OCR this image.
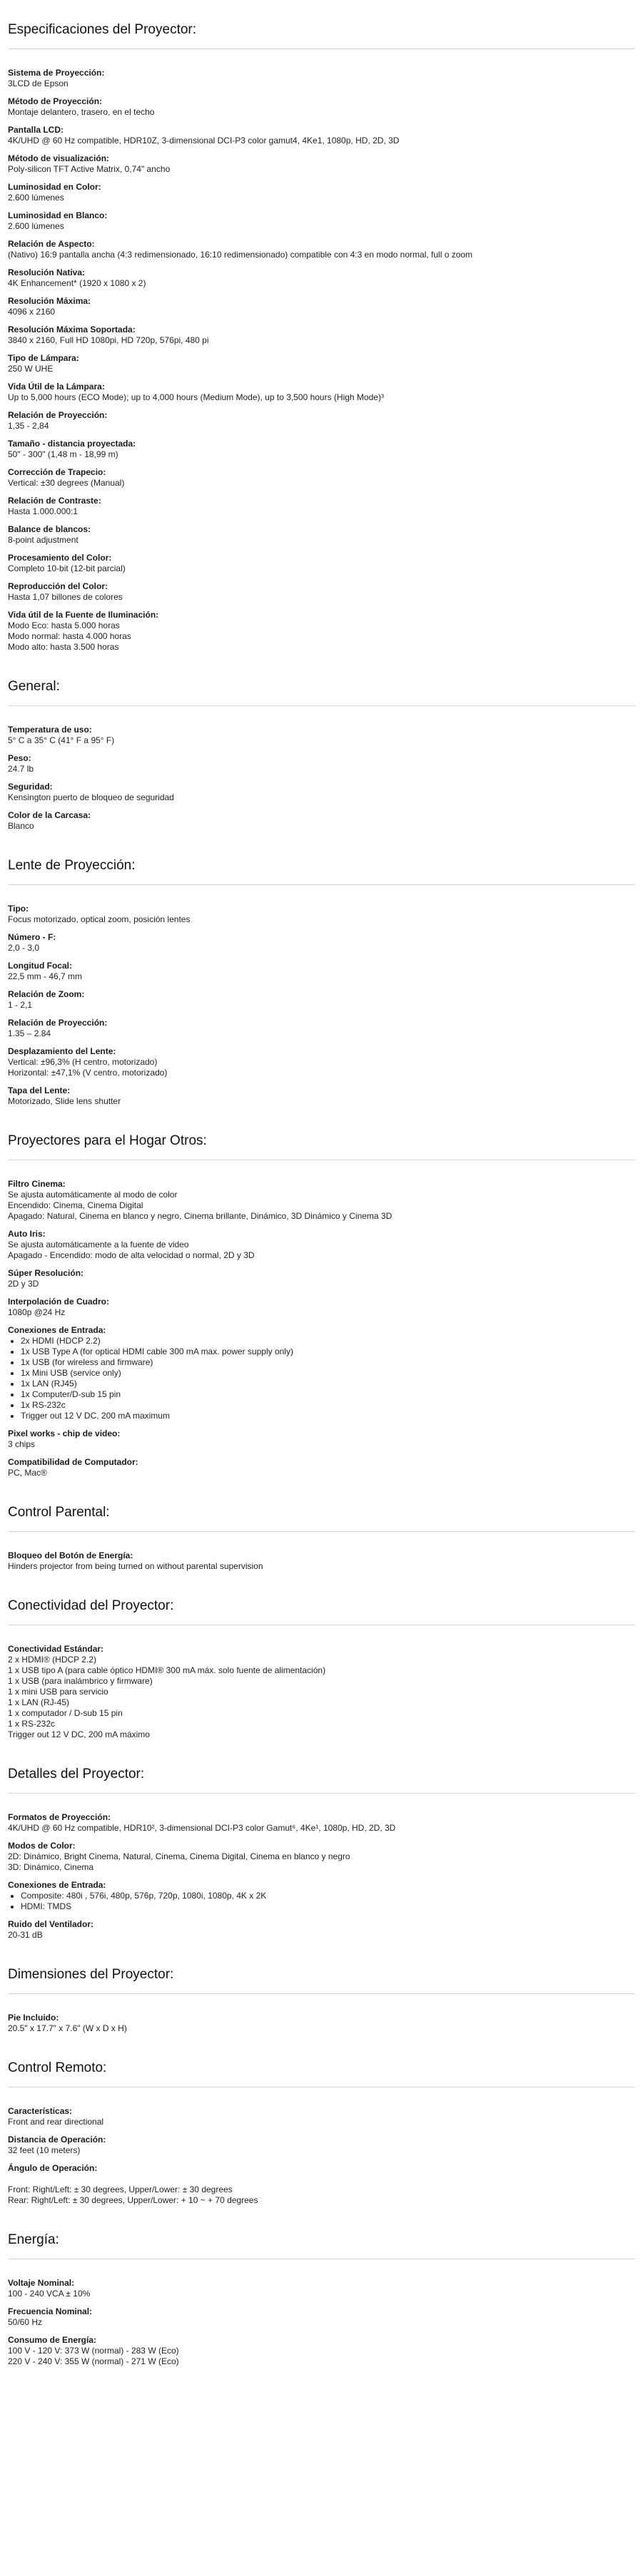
Especificaciones del Proyector:
Sistema de Proyección:
3LCD de Epson
Método de Proyección:
Montaje delantero, trasero, en el techo
Pantalla LCD:
4K/UHD @ 60 Hz compatible, HDR10Z, 3-dimensional DCI-P3 color gamut4, 4Ke1, 1080p, HD, 2D, 3D
Método de visualización:
Poly-silicon TFT Active Matrix, 0,74" ancho
Luminosidad en Color:
2.600 lúmenes
Luminosidad en Blanco:
2.600 lúmenes
Relación de Aspecto:
(Nativo) 16:9 pantalla ancha (4:3 redimensionado, 16:10 redimensionado) compatible con 4:3 en modo normal, full o zoom
Resolución Nativa:
4K Enhancement* (1920 x 1080 x 2)
Resolución Máxima:
4096 x 2160
Resolución Máxima Soportada:
3840 x 2160, Full HD 1080pi, HD 720p, 576pi, 480 pi
Tipo de Lámpara:
250 W UHE
Vida Útil de la Lámpara:
Up to 5,000 hours (ECO Mode); up to 4,000 hours (Medium Mode), up to 3,500 hours (High Mode)³
Relación de Proyección:
1,35 - 2,84
Tamaño - distancia proyectada:
50" - 300" (1,48 m - 18,99 m)
Corrección de Trapecio:
Vertical: ±30 degrees (Manual)
Relación de Contraste:
Hasta 1.000.000:1
Balance de blancos:
8-point adjustment
Procesamiento del Color:
Completo 10-bit (12-bit parcial)
Reproducción del Color:
Hasta 1,07 billones de colores
Vida útil de la Fuente de Iluminación:
Modo Eco: hasta 5.000 horas
Modo normal: hasta 4.000 horas
Modo alto: hasta 3.500 horas
General:
Temperatura de uso:
5° C a 35° C (41° F a 95° F)
Peso:
24.7 lb
Seguridad:
Kensington puerto de bloqueo de seguridad
Color de la Carcasa:
Blanco
Lente de Proyección:
Tipo:
Focus motorizado, optical zoom, posición lentes
Número - F:
2,0 - 3,0
Longitud Focal:
22,5 mm - 46,7 mm
Relación de Zoom:
1 - 2,1
Relación de Proyección:
1.35 – 2.84
Desplazamiento del Lente:
Vertical: ±96,3% (H centro, motorizado)
Horizontal: ±47,1% (V centro, motorizado)
Tapa del Lente:
Motorizado, Slide lens shutter
Proyectores para el Hogar Otros:
Filtro Cinema:
Se ajusta automáticamente al modo de color
Encendido: Cinema, Cinema Digital
Apagado: Natural, Cinema en blanco y negro, Cinema brillante, Dinámico, 3D Dinámico y Cinema 3D
Auto Iris:
Se ajusta automáticamente a la fuente de video
Apagado - Encendido: modo de alta velocidad o normal, 2D y 3D
Súper Resolución:
2D y 3D
Interpolación de Cuadro:
1080p @24 Hz
Conexiones de Entrada:
• 2x HDMI (HDCP 2.2)
• 1x USB Type A (for optical HDMI cable 300 mA max. power supply only)
• 1x USB (for wireless and firmware)
• 1x Mini USB (service only)
• 1x LAN (RJ45)
• 1x Computer/D-sub 15 pin
• 1x RS-232c
• Trigger out 12 V DC, 200 mA maximum
Pixel works - chip de video:
3 chips
Compatibilidad de Computador:
PC, Mac®
Control Parental:
Bloqueo del Botón de Energía:
Hinders projector from being turned on without parental supervision
Conectividad del Proyector:
Conectividad Estándar:
2 x HDMI® (HDCP 2.2)
1 x USB tipo A (para cable óptico HDMI® 300 mA máx. solo fuente de alimentación)
1 x USB (para inalámbrico y firmware)
1 x mini USB para servicio
1 x LAN (RJ-45)
1 x computador / D-sub 15 pin
1 x RS-232c
Trigger out 12 V DC, 200 mA máximo
Detalles del Proyector:
Formatos de Proyección:
4K/UHD @ 60 Hz compatible, HDR10², 3-dimensional DCI-P3 color Gamut⁶, 4Ke¹, 1080p, HD, 2D, 3D
Modos de Color:
2D: Dinámico, Bright Cinema, Natural, Cinema, Cinema Digital, Cinema en blanco y negro
3D: Dinámico, Cinema
Conexiones de Entrada:
• Composite: 480i , 576i, 480p, 576p, 720p, 1080i, 1080p, 4K x 2K
• HDMI: TMDS
Ruido del Ventilador:
20-31 dB
Dimensiones del Proyector:
Pie Incluido:
20.5" x 17.7" x 7.6" (W x D x H)
Control Remoto:
Características:
Front and rear directional
Distancia de Operación:
32 feet (10 meters)
Ángulo de Operación:
Front: Right/Left: ± 30 degrees, Upper/Lower: ± 30 degrees
Rear: Right/Left: ± 30 degrees, Upper/Lower: + 10 ~ + 70 degrees
Energía:
Voltaje Nominal:
100 - 240 VCA ± 10%
Frecuencia Nominal:
50/60 Hz
Consumo de Energía:
100 V - 120 V: 373 W (normal) - 283 W (Eco)
220 V - 240 V: 355 W (normal) - 271 W (Eco)
